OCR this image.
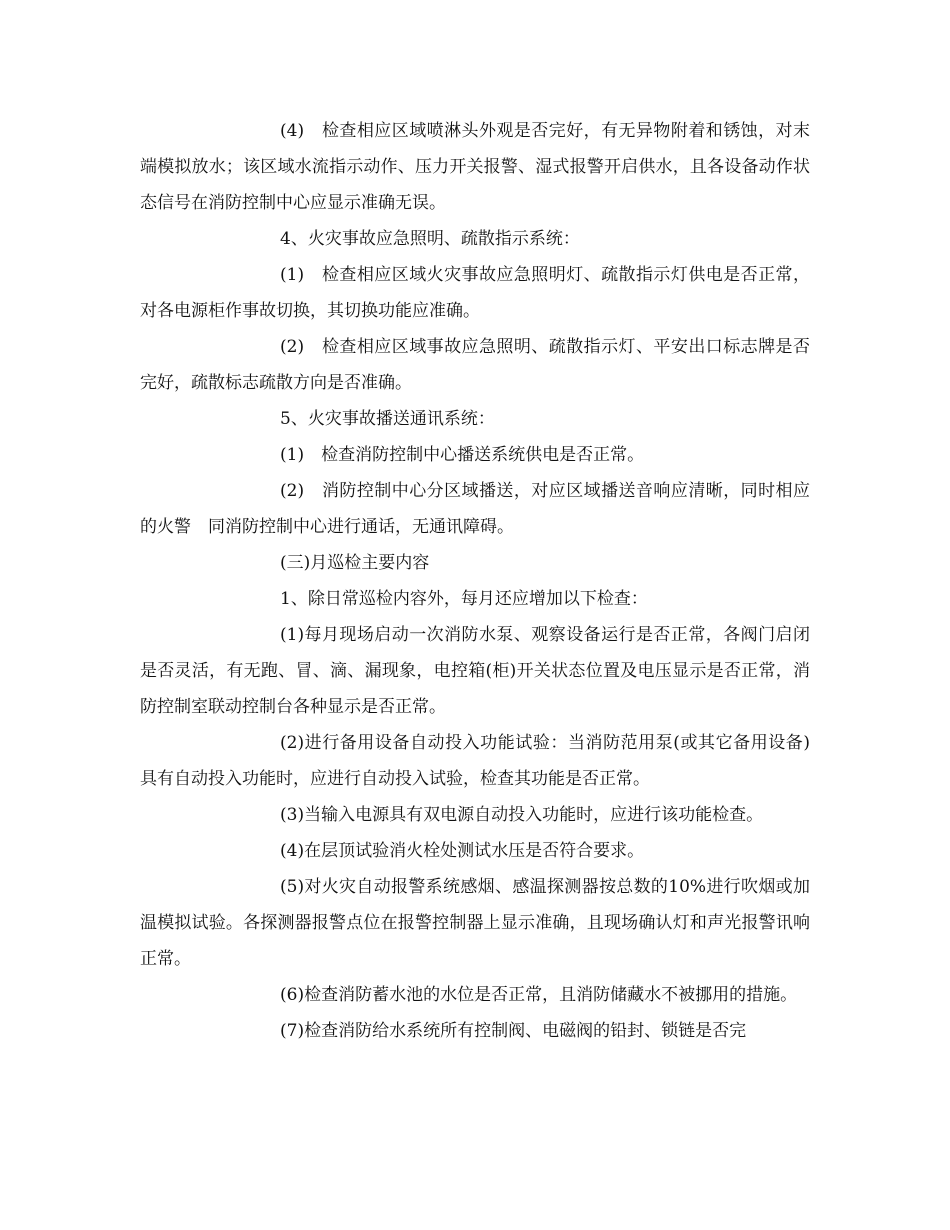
(4)　检查相应区域喷淋头外观是否完好，有无异物附着和锈蚀，对末端模拟放水；该区域水流指示动作、压力开关报警、湿式报警开启供水，且各设备动作状态信号在消防控制中心应显示准确无误。

4、火灾事故应急照明、疏散指示系统：

(1)　检查相应区域火灾事故应急照明灯、疏散指示灯供电是否正常，对各电源柜作事故切换，其切换功能应准确。

(2)　检查相应区域事故应急照明、疏散指示灯、平安出口标志牌是否完好，疏散标志疏散方向是否准确。

5、火灾事故播送通讯系统：

(1)　检查消防控制中心播送系统供电是否正常。

(2)　消防控制中心分区域播送，对应区域播送音响应清晰，同时相应的火警　同消防控制中心进行通话，无通讯障碍。

(三)月巡检主要内容

1、除日常巡检内容外，每月还应增加以下检查：

(1)每月现场启动一次消防水泵、观察设备运行是否正常，各阀门启闭是否灵活，有无跑、冒、滴、漏现象，电控箱(柜)开关状态位置及电压显示是否正常，消防控制室联动控制台各种显示是否正常。

(2)进行备用设备自动投入功能试验：当消防范用泵(或其它备用设备)具有自动投入功能时，应进行自动投入试验，检查其功能是否正常。

(3)当输入电源具有双电源自动投入功能时，应进行该功能检查。

(4)在层顶试验消火栓处测试水压是否符合要求。

(5)对火灾自动报警系统感烟、感温探测器按总数的10%进行吹烟或加温模拟试验。各探测器报警点位在报警控制器上显示准确，且现场确认灯和声光报警讯响正常。

(6)检查消防蓄水池的水位是否正常，且消防储藏水不被挪用的措施。

(7)检查消防给水系统所有控制阀、电磁阀的铅封、锁链是否完
